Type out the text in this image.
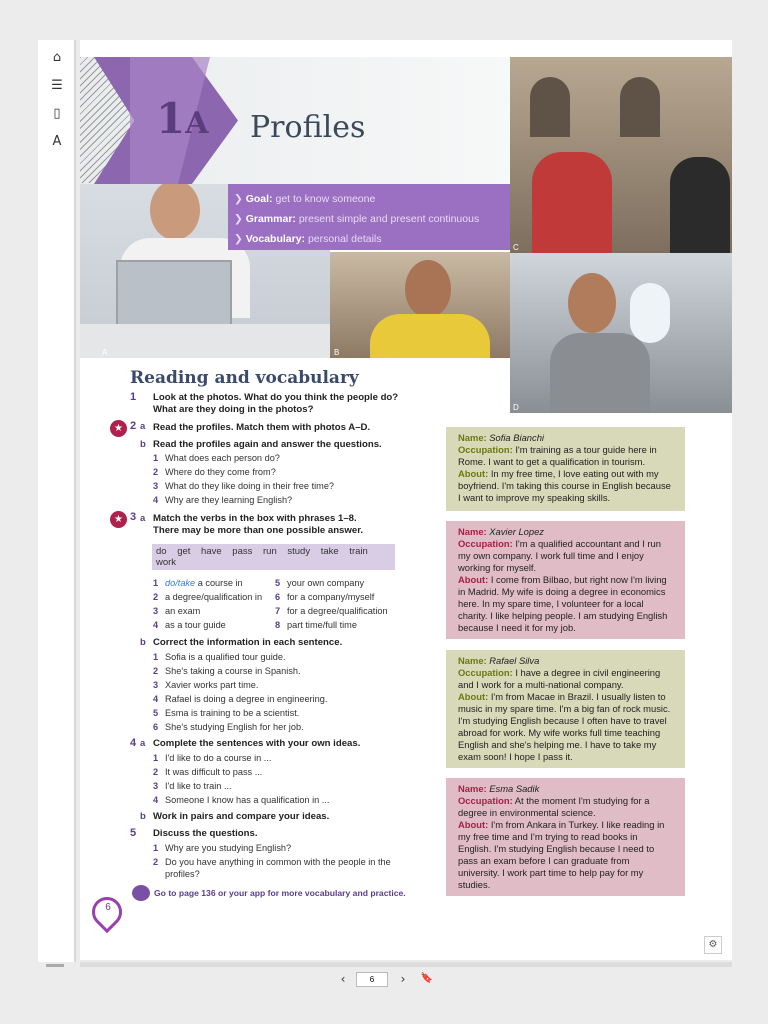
⌂
☰
▯
A 1A Profiles
A
❯ Goal: get to know someone
❯ Grammar: present simple and present continuous
❯ Vocabulary: personal details
B
C
D
Reading and vocabulary
1 Look at the photos. What do you think the people do?
What are they doing in the photos?
★ 2 a Read the profiles. Match them with photos A–D.
b Read the profiles again and answer the questions.
1 What does each person do?
2 Where do they come from?
3 What do they like doing in their free time?
4 Why are they learning English?
★ 3 a Match the verbs in the box with phrases 1–8.
There may be more than one possible answer.
do get have pass run study take train work
1 do/take a course in
2 a degree/qualification in
3 an exam
4 as a tour guide
5 your own company
6 for a company/myself
7 for a degree/qualification
8 part time/full time
b Correct the information in each sentence.
1 Sofia is a qualified tour guide.
2 She's taking a course in Spanish.
3 Xavier works part time.
4 Rafael is doing a degree in engineering.
5 Esma is training to be a scientist.
6 She's studying English for her job.
4 a Complete the sentences with your own ideas.
1 I'd like to do a course in ...
2 It was difficult to pass ...
3 I'd like to train ...
4 Someone I know has a qualification in ...
b Work in pairs and compare your ideas.
5 Discuss the questions.
1 Why are you studying English?
2 Do you have anything in common with the people in the
profiles?
Go to page 136 or your app for more vocabulary and practice.
6
Name: Sofia Bianchi
Occupation: I'm training as a tour guide here in Rome. I want to get a qualification in tourism.
About: In my free time, I love eating out with my boyfriend. I'm taking this course in English because I want to improve my speaking skills.
Name: Xavier Lopez
Occupation: I'm a qualified accountant and I run my own company. I work full time and I enjoy working for myself.
About: I come from Bilbao, but right now I'm living in Madrid. My wife is doing a degree in economics here. In my spare time, I volunteer for a local charity. I like helping people. I am studying English because I need it for my job.
Name: Rafael Silva
Occupation: I have a degree in civil engineering and I work for a multi-national company.
About: I'm from Macae in Brazil. I usually listen to music in my spare time. I'm a big fan of rock music. I'm studying English because I often have to travel abroad for work. My wife works full time teaching English and she's helping me. I have to take my exam soon! I hope I pass it.
Name: Esma Sadik
Occupation: At the moment I'm studying for a degree in environmental science.
About: I'm from Ankara in Turkey. I like reading in my free time and I'm trying to read books in English. I'm studying English because I need to pass an exam before I can graduate from university. I work part time to help pay for my studies.
⚙
‹
6	›	🔖
